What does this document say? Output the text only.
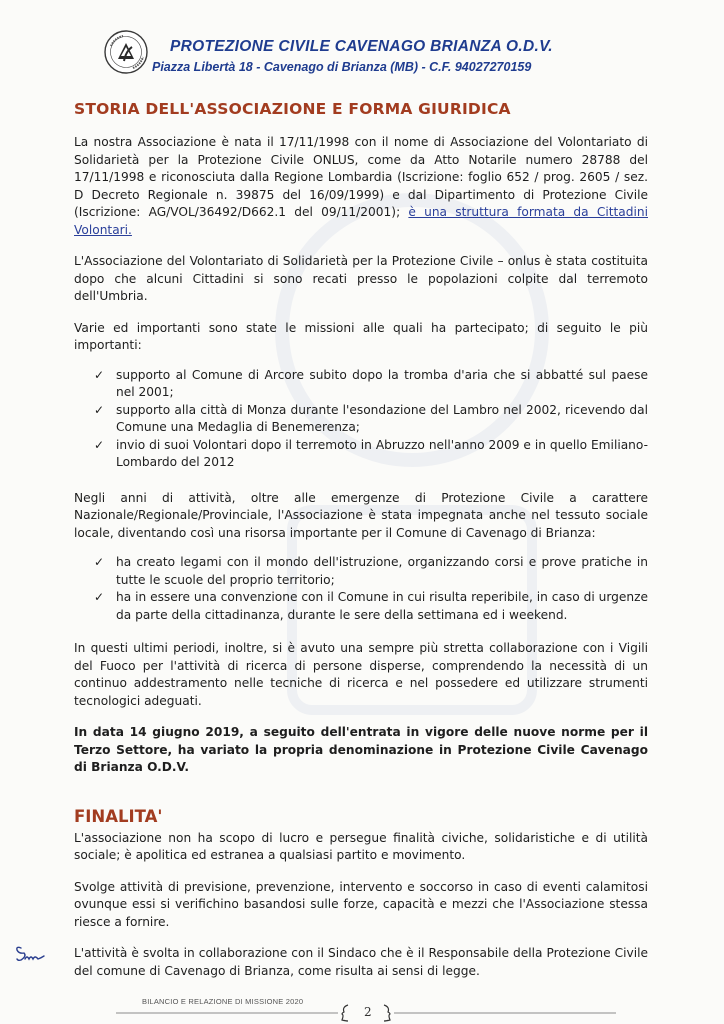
PROTEZIONE CIVILE CAVENAGO BRIANZA O.D.V.

Piazza Libertà 18 - Cavenago di Brianza (MB) - C.F. 94027270159

STORIA DELL'ASSOCIAZIONE E FORMA GIURIDICA

La nostra Associazione è nata il 17/11/1998 con il nome di Associazione del Volontariato di Solidarietà per la Protezione Civile ONLUS, come da Atto Notarile numero 28788 del 17/11/1998 e riconosciuta dalla Regione Lombardia (Iscrizione: foglio 652 / prog. 2605 / sez. D Decreto Regionale n. 39875 del 16/09/1999) e dal Dipartimento di Protezione Civile (Iscrizione: AG/VOL/36492/D662.1 del 09/11/2001); è una struttura formata da Cittadini Volontari.

L'Associazione del Volontariato di Solidarietà per la Protezione Civile – onlus è stata costituita dopo che alcuni Cittadini si sono recati presso le popolazioni colpite dal terremoto dell'Umbria.

Varie ed importanti sono state le missioni alle quali ha partecipato; di seguito le più importanti:

✓ supporto al Comune di Arcore subito dopo la tromba d'aria che si abbatté sul paese nel 2001;
✓ supporto alla città di Monza durante l'esondazione del Lambro nel 2002, ricevendo dal Comune una Medaglia di Benemerenza;
✓ invio di suoi Volontari dopo il terremoto in Abruzzo nell'anno 2009 e in quello Emiliano-Lombardo del 2012

Negli anni di attività, oltre alle emergenze di Protezione Civile a carattere Nazionale/Regionale/Provinciale, l'Associazione è stata impegnata anche nel tessuto sociale locale, diventando così una risorsa importante per il Comune di Cavenago di Brianza:

✓ ha creato legami con il mondo dell'istruzione, organizzando corsi e prove pratiche in tutte le scuole del proprio territorio;
✓ ha in essere una convenzione con il Comune in cui risulta reperibile, in caso di urgenze da parte della cittadinanza, durante le sere della settimana ed i weekend.

In questi ultimi periodi, inoltre, si è avuto una sempre più stretta collaborazione con i Vigili del Fuoco per l'attività di ricerca di persone disperse, comprendendo la necessità di un continuo addestramento nelle tecniche di ricerca e nel possedere ed utilizzare strumenti tecnologici adeguati.

In data 14 giugno 2019, a seguito dell'entrata in vigore delle nuove norme per il Terzo Settore, ha variato la propria denominazione in Protezione Civile Cavenago di Brianza O.D.V.

FINALITA'

L'associazione non ha scopo di lucro e persegue finalità civiche, solidaristiche e di utilità sociale; è apolitica ed estranea a qualsiasi partito e movimento.

Svolge attività di previsione, prevenzione, intervento e soccorso in caso di eventi calamitosi ovunque essi si verifichino basandosi sulle forze, capacità e mezzi che l'Associazione stessa riesce a fornire.

L'attività è svolta in collaborazione con il Sindaco che è il Responsabile della Protezione Civile del comune di Cavenago di Brianza, come risulta ai sensi di legge.

BILANCIO E RELAZIONE DI MISSIONE 2020

2
